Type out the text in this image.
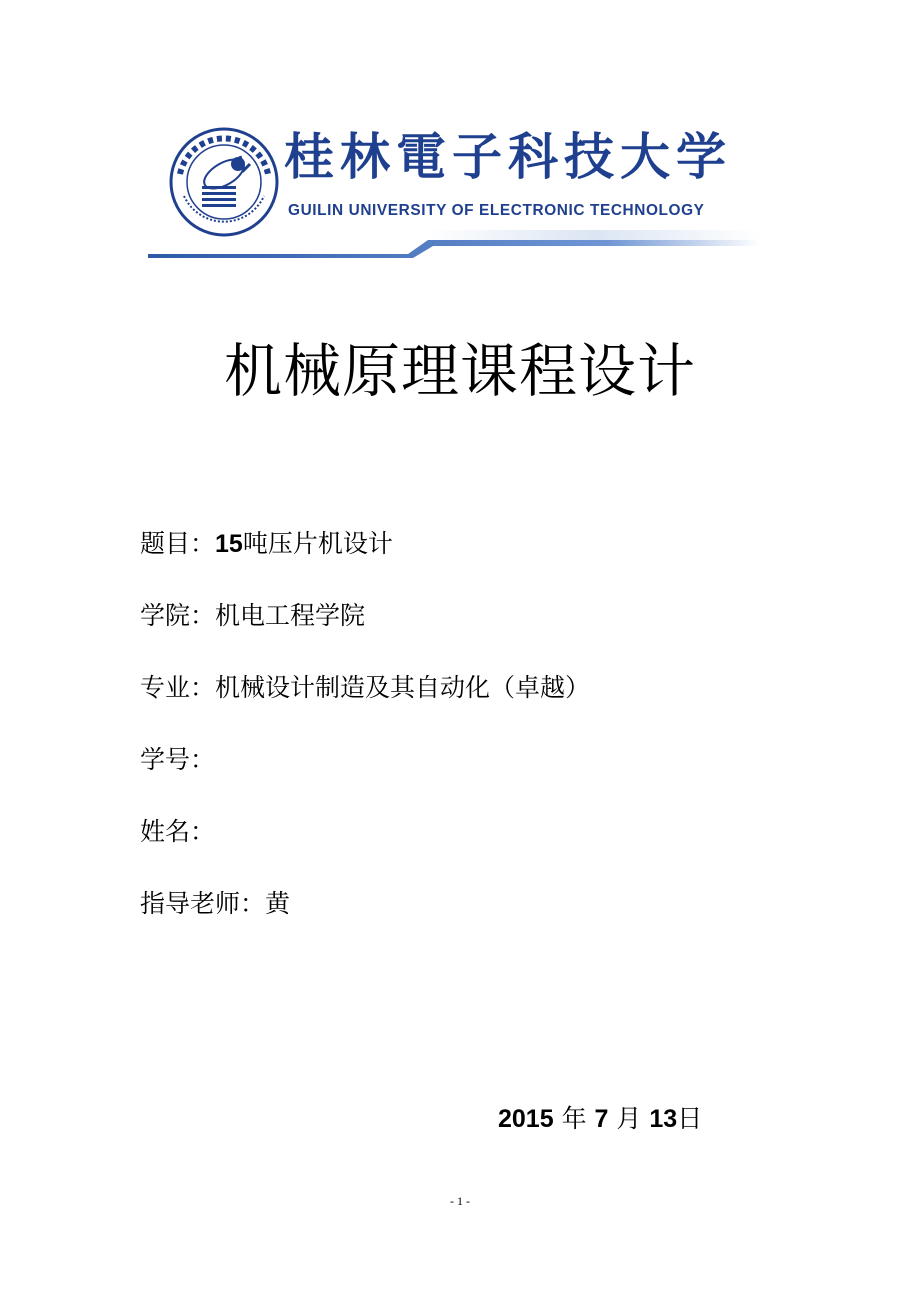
桂林電子科技大学
GUILIN UNIVERSITY OF ELECTRONIC TECHNOLOGY
机械原理课程设计
题目：15吨压片机设计
学院：机电工程学院
专业：机械设计制造及其自动化（卓越）
学号：
姓名：
指导老师：黄
2015 年 7 月 13日
- 1 -
